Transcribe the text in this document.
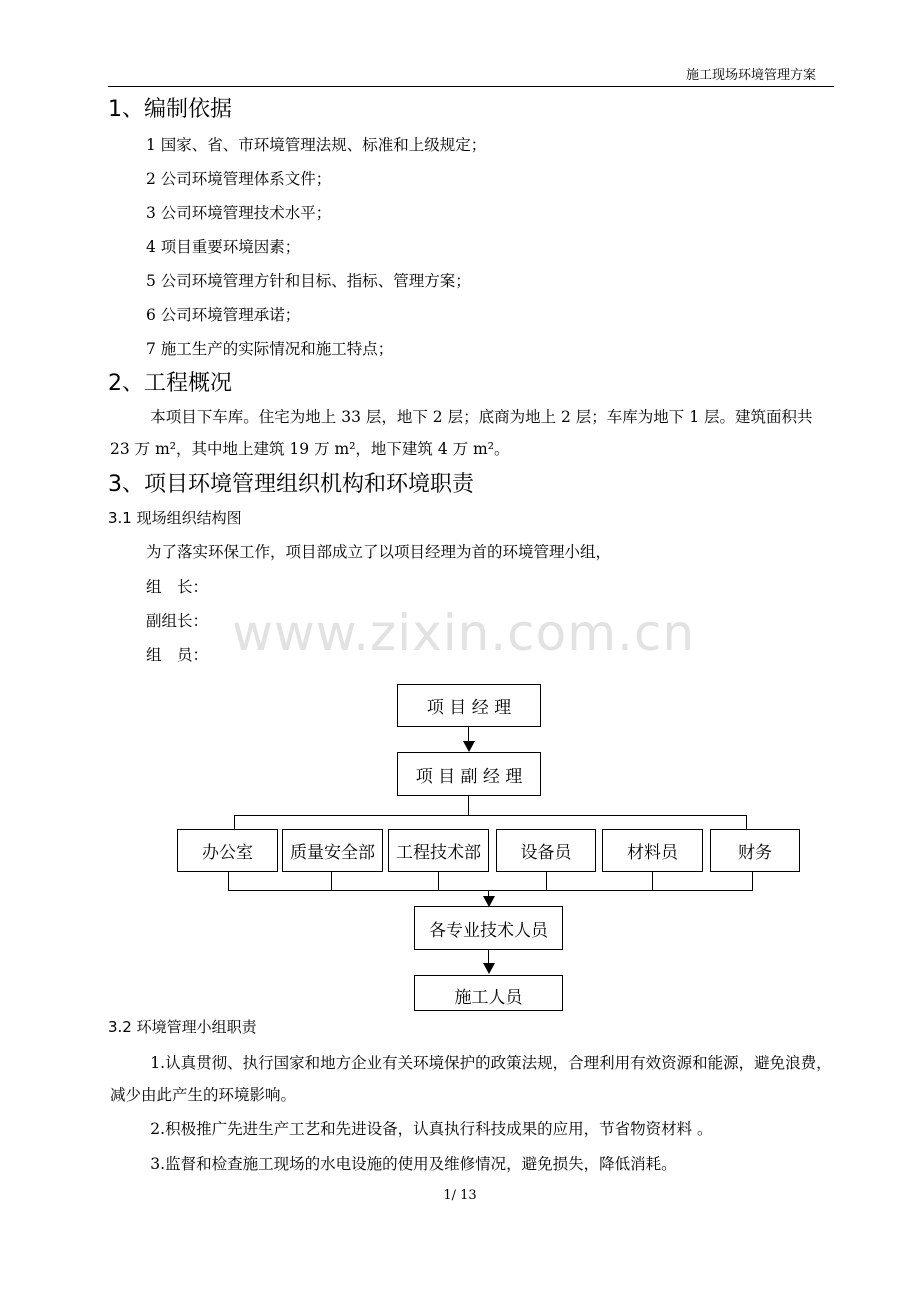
施工现场环境管理方案
www.zixin.com.cn
1、编制依据
1 国家、省、市环境管理法规、标准和上级规定；
2 公司环境管理体系文件；
3 公司环境管理技术水平；
4 项目重要环境因素；
5 公司环境管理方针和目标、指标、管理方案；
6 公司环境管理承诺；
7 施工生产的实际情况和施工特点；
2、工程概况
本项目下车库。住宅为地上 33 层，地下 2 层；底商为地上 2 层；车库为地下 1 层。建筑面积共 23 万 m²，其中地上建筑 19 万 m²，地下建筑 4 万 m²。
3、项目环境管理组织机构和环境职责
3.1 现场组织结构图
为了落实环保工作，项目部成立了以项目经理为首的环境管理小组，
组　长：
副组长：
组　员：
项 目 经 理
项 目 副 经 理
办公室	质量安全部	工程技术部	设备员	材料员	财务
各专业技术人员
施工人员
3.2 环境管理小组职责
1.认真贯彻、执行国家和地方企业有关环境保护的政策法规，合理利用有效资源和能源，避免浪费，减少由此产生的环境影响。
2.积极推广先进生产工艺和先进设备，认真执行科技成果的应用，节省物资材料 。
3.监督和检查施工现场的水电设施的使用及维修情况，避免损失，降低消耗。
1/ 13
